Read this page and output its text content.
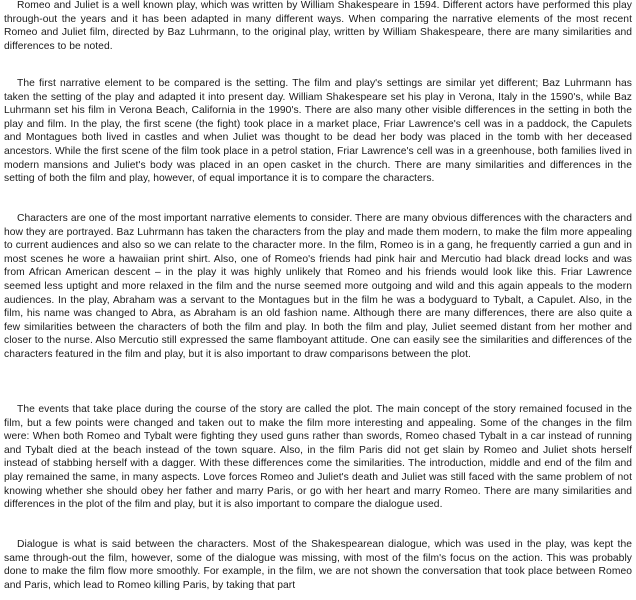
Romeo and Juliet is a well known play, which was written by William Shakespeare in 1594. Different actors have performed this play through-out the years and it has been adapted in many different ways. When comparing the narrative elements of the most recent Romeo and Juliet film, directed by Baz Luhrmann, to the original play, written by William Shakespeare, there are many similarities and differences to be noted.

The first narrative element to be compared is the setting. The film and play's settings are similar yet different; Baz Luhrmann has taken the setting of the play and adapted it into present day. William Shakespeare set his play in Verona, Italy in the 1590's, while Baz Luhrmann set his film in Verona Beach, California in the 1990's. There are also many other visible differences in the setting in both the play and film. In the play, the first scene (the fight) took place in a market place, Friar Lawrence's cell was in a paddock, the Capulets and Montagues both lived in castles and when Juliet was thought to be dead her body was placed in the tomb with her deceased ancestors. While the first scene of the film took place in a petrol station, Friar Lawrence's cell was in a greenhouse, both families lived in modern mansions and Juliet's body was placed in an open casket in the church. There are many similarities and differences in the setting of both the film and play, however, of equal importance it is to compare the characters.

Characters are one of the most important narrative elements to consider. There are many obvious differences with the characters and how they are portrayed. Baz Luhrmann has taken the characters from the play and made them modern, to make the film more appealing to current audiences and also so we can relate to the character more. In the film, Romeo is in a gang, he frequently carried a gun and in most scenes he wore a hawaiian print shirt. Also, one of Romeo's friends had pink hair and Mercutio had black dread locks and was from African American descent – in the play it was highly unlikely that Romeo and his friends would look like this. Friar Lawrence seemed less uptight and more relaxed in the film and the nurse seemed more outgoing and wild and this again appeals to the modern audiences. In the play, Abraham was a servant to the Montagues but in the film he was a bodyguard to Tybalt, a Capulet. Also, in the film, his name was changed to Abra, as Abraham is an old fashion name. Although there are many differences, there are also quite a few similarities between the characters of both the film and play. In both the film and play, Juliet seemed distant from her mother and closer to the nurse. Also Mercutio still expressed the same flamboyant attitude. One can easily see the similarities and differences of the characters featured in the film and play, but it is also important to draw comparisons between the plot.

The events that take place during the course of the story are called the plot. The main concept of the story remained focused in the film, but a few points were changed and taken out to make the film more interesting and appealing. Some of the changes in the film were: When both Romeo and Tybalt were fighting they used guns rather than swords, Romeo chased Tybalt in a car instead of running and Tybalt died at the beach instead of the town square. Also, in the film Paris did not get slain by Romeo and Juliet shots herself instead of stabbing herself with a dagger. With these differences come the similarities. The introduction, middle and end of the film and play remained the same, in many aspects. Love forces Romeo and Juliet's death and Juliet was still faced with the same problem of not knowing whether she should obey her father and marry Paris, or go with her heart and marry Romeo. There are many similarities and differences in the plot of the film and play, but it is also important to compare the dialogue used.

Dialogue is what is said between the characters. Most of the Shakespearean dialogue, which was used in the play, was kept the same through-out the film, however, some of the dialogue was missing, with most of the film's focus on the action. This was probably done to make the film flow more smoothly. For example, in the film, we are not shown the conversation that took place between Romeo and Paris, which lead to Romeo killing Paris, by taking that part
